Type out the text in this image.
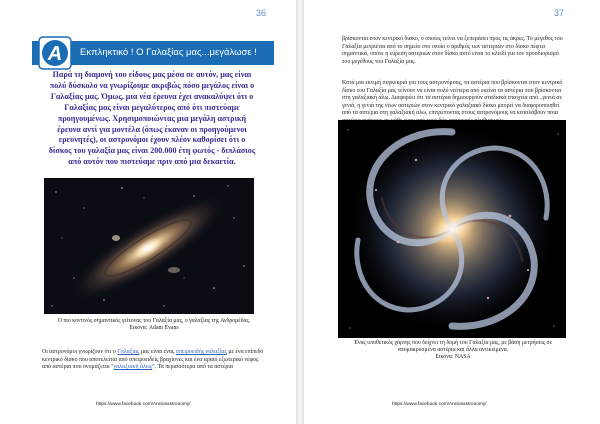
36
Εκπληκτικό ! Ο Γαλαξίας μας...μεγάλωσε !
A
Παρά τη διαμονή του είδους μας μέσα σε αυτόν, μας είναι πολύ δύσκολο να γνωρίζουμε ακριβώς πόσο μεγάλος είναι ο Γαλαξίας μας. Όμως, μια νέα έρευνα έχει ανακαλύψει ότι ο Γαλαξίας μας είναι μεγαλύτερος από ότι πιστεύαμε προηγουμένως. Χρησιμοποιώντας μια μεγάλη αστρική έρευνα αντί για μοντέλα (όπως έκαναν οι προηγούμενοι ερευνητές), οι αστρονόμοι έχουν πλέον καθορίσει ότι ο δίσκος του γαλαξία μας είναι 200.000 έτη φωτός - διπλάσιος από αυτόν που πιστεύαμε πριν από μια δεκαετία.
Ο πιο κοντινός σημαντικός γείτονας του Γαλαξία μας, ο γαλαξίας της Ανδρομέδας.
Εικόνα: Adam Evans
Οι αστρονόμοι γνωρίζουν ότι ο Γαλαξίας μας είναι ένας σπειροειδής γαλαξίας με ένα επίπεδο κεντρικό δίσκο που αποτελείται από σπειροειδείς βραχίονες και ένα αραιό εξωτερικό νέφος από αστέρια που ονομάζεται "γαλαξιακή άλως". Τα περισσότερα από τα αστέρια
https://www.facebook.com/Aratosastronomy/
37
βρίσκονται στον κεντρικό δίσκο, ο οποίος τείνει να ξεπεράσει προς τις άκρες. Το μέγεθος του Γαλαξία μετριέται από το σημείο στο οποίο ο αριθμός των αστεριών στο δίσκο πέφτει σημαντικά, οπότε η εύρεση αστεριών στον δίσκο αυτό είναι το κλειδί για τον προσδιορισμό του μεγέθους του Γαλαξία μας.
Κατά μια εκτιμή συγκεκριά για τους αστρονόμους, τα αστέρια που βρίσκονται στον κεντρικό δίσκο του Γαλαξία μας τείνουν να είναι πολύ νεότερα από εκείνα τα αστέρια που βρίσκονται στη γαλαξιακή άλω. Διαφορέει ότι τα αστέρια δημιουργούν σταδιακά στοιχεία από...γενιά σε γενιά, η γενιά της νέων αστεριών στον κεντρικό γαλαξιακό δίσκο μπορεί να διαφοροποιηθεί από τα αστέρια στη γαλαξιακή άλω, επιτρέποντας στους αστρονόμους να καταλάβουν ποια
Ένας υποθετικός χάρτης που δείχνει τη δομή του Γαλαξία μας, με βάση μετρήσεις σε απομακρυσμένα αστέρια και άλλα αντικείμενα.
Εικόνα: NASA
https://www.facebook.com/Aratosastronomy/
